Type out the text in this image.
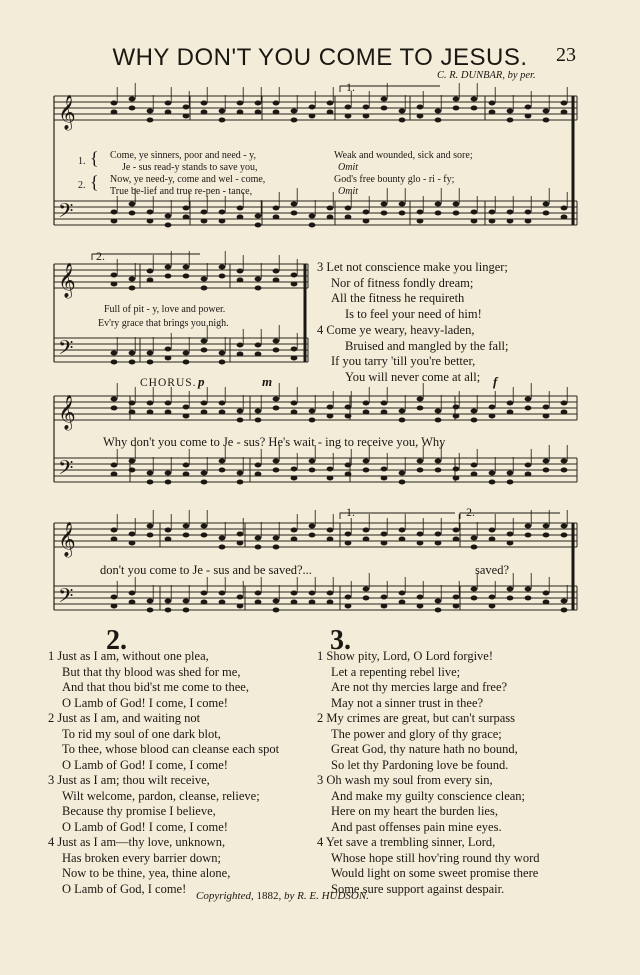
WHY DON'T YOU COME TO JESUS.	23
C. R. DUNBAR, by per.
𝄞
𝄢
𝄞
𝄢
𝄞
𝄢
𝄞
𝄢
1.
2.
1.	2.
1.
2.
{
{
Come, ye sinners, poor and need - y,	Weak and wounded, sick and sore;
Je - sus read-y stands to save you,	Omit
Now, ye need-y, come and wel - come,	God's free bounty glo - ri - fy;
True be-lief and true re-pen - tance,	Omit
Full of pit - y, love and power.
Ev'ry grace that brings you nigh.
3 Let not conscience make you linger;
Nor of fitness fondly dream;
All the fitness he requireth
Is to feel your need of him!
4 Come ye weary, heavy-laden,
Bruised and mangled by the fall;
If you tarry 'till you're better,
You will never come at all;
CHORUS. p	m	f
Why don't you come to Je - sus? He's wait - ing to receive you, Why
don't you come to Je - sus and be saved?...	saved?
2.	3.
1 Just as I am, without one plea,
But that thy blood was shed for me,
And that thou bid'st me come to thee,
O Lamb of God! I come, I come!
2 Just as I am, and waiting not
To rid my soul of one dark blot,
To thee, whose blood can cleanse each spot
O Lamb of God! I come, I come!
3 Just as I am; thou wilt receive,
Wilt welcome, pardon, cleanse, relieve;
Because thy promise I believe,
O Lamb of God! I come, I come!
4 Just as I am—thy love, unknown,
Has broken every barrier down;
Now to be thine, yea, thine alone,
O Lamb of God, I come!
1 Show pity, Lord, O Lord forgive!
Let a repenting rebel live;
Are not thy mercies large and free?
May not a sinner trust in thee?
2 My crimes are great, but can't surpass
The power and glory of thy grace;
Great God, thy nature hath no bound,
So let thy Pardoning love be found.
3 Oh wash my soul from every sin,
And make my guilty conscience clean;
Here on my heart the burden lies,
And past offenses pain mine eyes.
4 Yet save a trembling sinner, Lord,
Whose hope still hov'ring round thy word
Would light on some sweet promise there
Some sure support against despair.
Copyrighted, 1882, by R. E. HUDSON.
